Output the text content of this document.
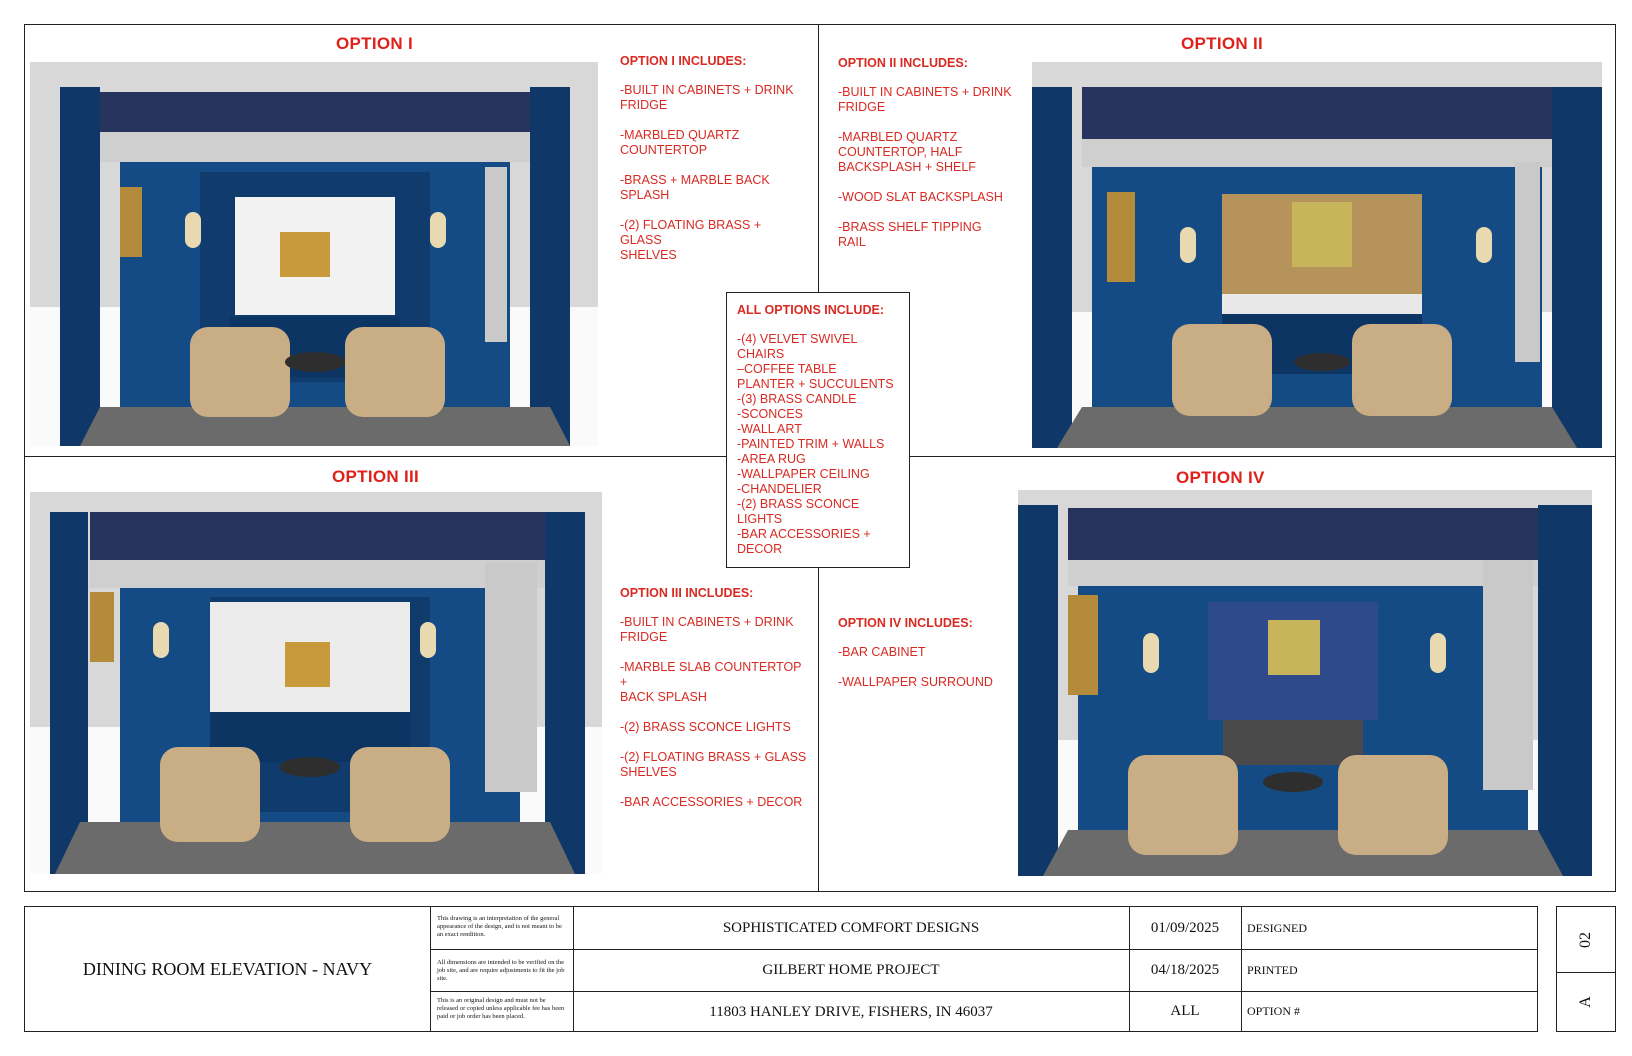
OPTION I	OPTION II
OPTION III	OPTION IV
OPTION I INCLUDES:
-BUILT IN CABINETS + DRINK
FRIDGE
-MARBLED QUARTZ
COUNTERTOP
-BRASS + MARBLE BACK
SPLASH
-(2) FLOATING BRASS +
GLASS
SHELVES
OPTION II INCLUDES:
-BUILT IN CABINETS + DRINK
FRIDGE
-MARBLED QUARTZ
COUNTERTOP, HALF
BACKSPLASH + SHELF
-WOOD SLAT BACKSPLASH
-BRASS SHELF TIPPING
RAIL
OPTION III INCLUDES:
-BUILT IN CABINETS + DRINK
FRIDGE
-MARBLE SLAB COUNTERTOP +
BACK SPLASH
-(2) BRASS SCONCE LIGHTS
-(2) FLOATING BRASS + GLASS
SHELVES
-BAR ACCESSORIES + DECOR
OPTION IV INCLUDES:
-BAR CABINET
-WALLPAPER SURROUND
ALL OPTIONS INCLUDE:
-(4) VELVET SWIVEL CHAIRS
–COFFEE TABLE
PLANTER + SUCCULENTS
-(3) BRASS CANDLE
-SCONCES
-WALL ART
-PAINTED TRIM + WALLS
-AREA RUG
-WALLPAPER CEILING
-CHANDELIER
-(2) BRASS SCONCE LIGHTS
-BAR ACCESSORIES +
DECOR
DINING ROOM ELEVATION - NAVY
This drawing is an interpretation of the general appearance of the design, and is not meant to be an exact rendition.
All dimensions are intended to be verified on the job site, and are require adjustments to fit the job site.
This is an original design and must not be released or copied unless applicable fee has been paid or job order has been placed.
SOPHISTICATED COMFORT DESIGNS
GILBERT HOME PROJECT
11803 HANLEY DRIVE, FISHERS, IN 46037
01/09/2025
04/18/2025
ALL
DESIGNED
PRINTED
OPTION #
02
A
